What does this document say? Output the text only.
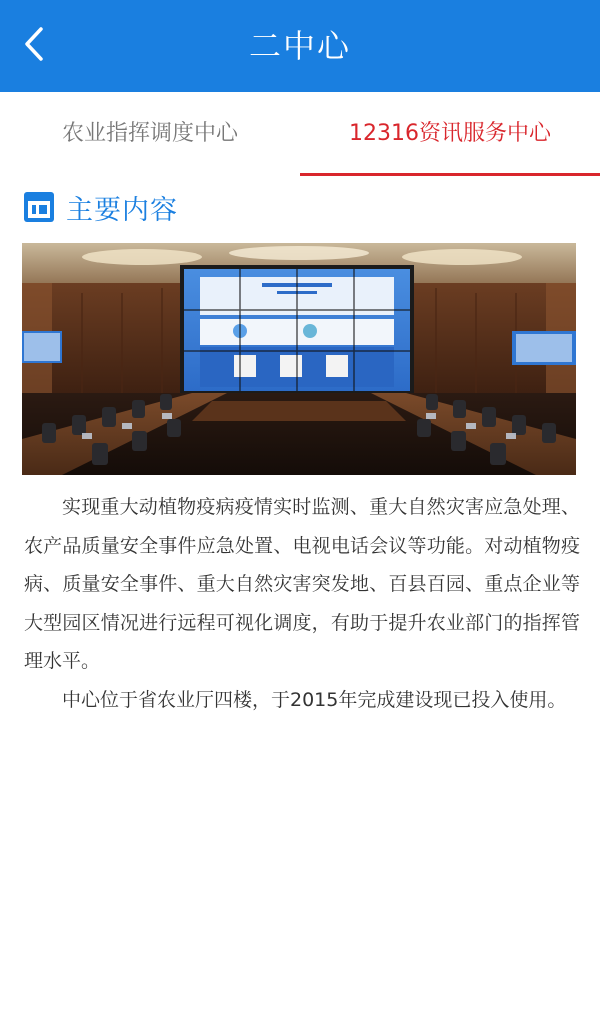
二中心
农业指挥调度中心	12316资讯服务中心
主要内容

实现重大动植物疫病疫情实时监测、重大自然灾害应急处理、农产品质量安全事件应急处置、电视电话会议等功能。对动植物疫病、质量安全事件、重大自然灾害突发地、百县百园、重点企业等大型园区情况进行远程可视化调度，有助于提升农业部门的指挥管理水平。

中心位于省农业厅四楼，于2015年完成建设现已投入使用。
